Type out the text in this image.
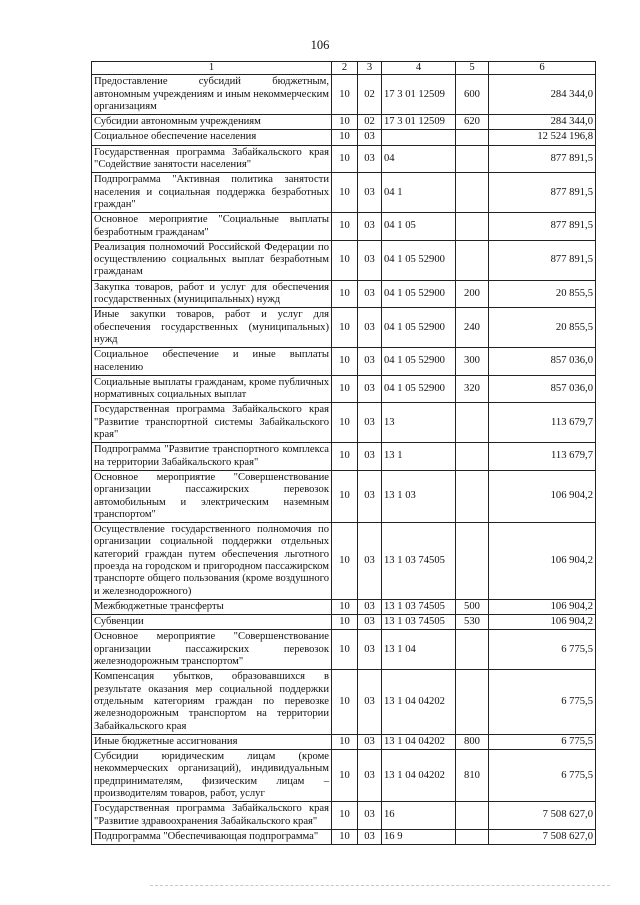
106
1	2	3	4	5	6
Предоставление субсидий бюджетным, автономным учреждениям и иным некоммерческим организациям	10	02	17 3 01 12509	600	284 344,0
Субсидии автономным учреждениям	10	02	17 3 01 12509	620	284 344,0
Социальное обеспечение населения	10	03			12 524 196,8
Государственная программа Забайкальского края "Содействие занятости населения"	10	03	04		877 891,5
Подпрограмма "Активная политика занятости населения и социальная поддержка безработных граждан"	10	03	04 1		877 891,5
Основное мероприятие "Социальные выплаты безработным гражданам"	10	03	04 1 05		877 891,5
Реализация полномочий Российской Федерации по осуществлению социальных выплат безработным гражданам	10	03	04 1 05 52900		877 891,5
Закупка товаров, работ и услуг для обеспечения государственных (муниципальных) нужд	10	03	04 1 05 52900	200	20 855,5
Иные закупки товаров, работ и услуг для обеспечения государственных (муниципальных) нужд	10	03	04 1 05 52900	240	20 855,5
Социальное обеспечение и иные выплаты населению	10	03	04 1 05 52900	300	857 036,0
Социальные выплаты гражданам, кроме публичных нормативных социальных выплат	10	03	04 1 05 52900	320	857 036,0
Государственная программа Забайкальского края "Развитие транспортной системы Забайкальского края"	10	03	13		113 679,7
Подпрограмма "Развитие транспортного комплекса на территории Забайкальского края"	10	03	13 1		113 679,7
Основное мероприятие "Совершенствование организации пассажирских перевозок автомобильным и электрическим наземным транспортом"	10	03	13 1 03		106 904,2
Осуществление государственного полномочия по организации социальной поддержки отдельных категорий граждан путем обеспечения льготного проезда на городском и пригородном пассажирском транспорте общего пользования (кроме воздушного и железнодорожного)	10	03	13 1 03 74505		106 904,2
Межбюджетные трансферты	10	03	13 1 03 74505	500	106 904,2
Субвенции	10	03	13 1 03 74505	530	106 904,2
Основное мероприятие "Совершенствование организации пассажирских перевозок железнодорожным транспортом"	10	03	13 1 04		6 775,5
Компенсация убытков, образовавшихся в результате оказания мер социальной поддержки отдельным категориям граждан по перевозке железнодорожным транспортом на территории Забайкальского края	10	03	13 1 04 04202		6 775,5
Иные бюджетные ассигнования	10	03	13 1 04 04202	800	6 775,5
Субсидии юридическим лицам (кроме некоммерческих организаций), индивидуальным предпринимателям, физическим лицам – производителям товаров, работ, услуг	10	03	13 1 04 04202	810	6 775,5
Государственная программа Забайкальского края "Развитие здравоохранения Забайкальского края"	10	03	16		7 508 627,0
Подпрограмма "Обеспечивающая подпрограмма"	10	03	16 9		7 508 627,0
